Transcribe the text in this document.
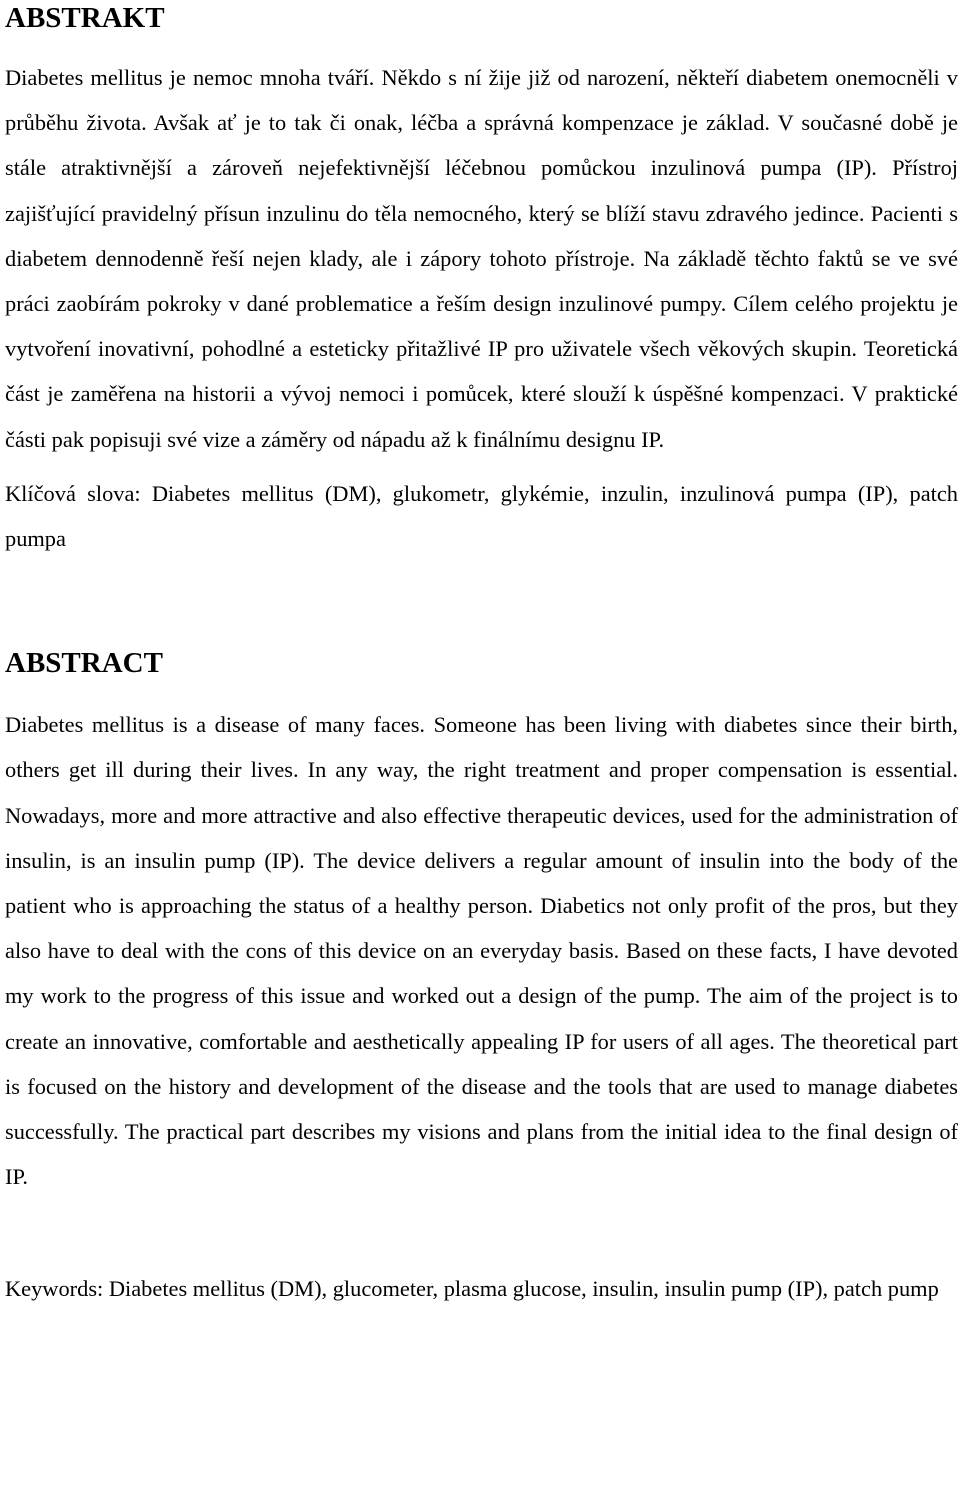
ABSTRAKT

Diabetes mellitus je nemoc mnoha tváří. Někdo s ní žije již od narození, někteří diabetem onemocněli v průběhu života. Avšak ať je to tak či onak, léčba a správná kompenzace je základ. V současné době je stále atraktivnější a zároveň nejefektivnější léčebnou pomůckou inzulinová pumpa (IP). Přístroj zajišťující pravidelný přísun inzulinu do těla nemocného, který se blíží stavu zdravého jedince. Pacienti s diabetem dennodenně řeší nejen klady, ale i zápory tohoto přístroje. Na základě těchto faktů se ve své práci zaobírám pokroky v dané problematice a řeším design inzulinové pumpy. Cílem celého projektu je vytvoření inovativní, pohodlné a esteticky přitažlivé IP pro uživatele všech věkových skupin. Teoretická část je zaměřena na historii a vývoj nemoci i pomůcek, které slouží k úspěšné kompenzaci. V praktické části pak popisuji své vize a záměry od nápadu až k finálnímu designu IP.

Klíčová slova: Diabetes mellitus (DM), glukometr, glykémie, inzulin, inzulinová pumpa (IP), patch pumpa

ABSTRACT

Diabetes mellitus is a disease of many faces. Someone has been living with diabetes since their birth, others get ill during their lives. In any way, the right treatment and proper compensation is essential. Nowadays, more and more attractive and also effective therapeutic devices, used for the administration of insulin, is an insulin pump (IP). The device delivers a regular amount of insulin into the body of the patient who is approaching the status of a healthy person. Diabetics not only profit of the pros, but they also have to deal with the cons of this device on an everyday basis. Based on these facts, I have devoted my work to the progress of this issue and worked out a design of the pump. The aim of the project is to create an innovative, comfortable and aesthetically appealing IP for users of all ages. The theoretical part is focused on the history and development of the disease and the tools that are used to manage diabetes successfully. The practical part describes my visions and plans from the initial idea to the final design of IP.

Keywords: Diabetes mellitus (DM), glucometer, plasma glucose, insulin, insulin pump (IP), patch pump
